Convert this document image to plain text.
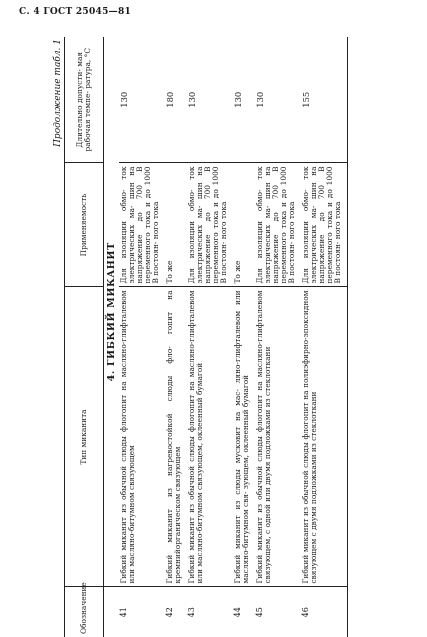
С. 4 ГОСТ 25045—81
Продолжение табл. 1
Обозначение	Тип миканита	Применяемость	Длительно допусти- мая рабочая темпе- ратура, °С
	4. ГИБКИЙ МИКАНИТ		
41	Гибкий миканит из обычной слюды флогопит на масляно-глифталевом или масляно-битумном связующем	Для изоляции обмо- ток электрических ма- шин на напряжение до 700 В переменного тока и до 1000 В постоян- ного тока	130
42	Гибкий миканит из нагревостойкой слюды фло- гопит на кремнийорганическом связующем	То же	180
43	Гибкий миканит из обычной слюды флогопит на масляно-глифталевом или масляно-битумном связующем, оклеенный бумагой	Для изоляции обмо- ток электрических ма- шин на напряжение до 700 В переменного тока и до 1000 В постоян- ного тока	130
44	Гибкий миканит из слюды мусковит на мас- ляно-глифталевом или масляно-битумном свя- зующем, оклеенный бумагой	То же	130
45	Гибкий миканит из обычной слюды флогопит на масляно-глифталевом связующем, с одной или двумя подложками из стеклоткани	Для изоляции обмо- ток электрических ма- шин на напряжение до 700 В переменного тока и до 1000 В постоян- ного тока	130
46	Гибкий миканит из обычной слюды флогопит на полиэфирно-эпоксидном связующем с двумя подложками из стеклоткани	Для изоляции обмо- ток электрических ма- шин на напряжение до 700 В переменного тока и до 1000 В постоян- ного тока	155
